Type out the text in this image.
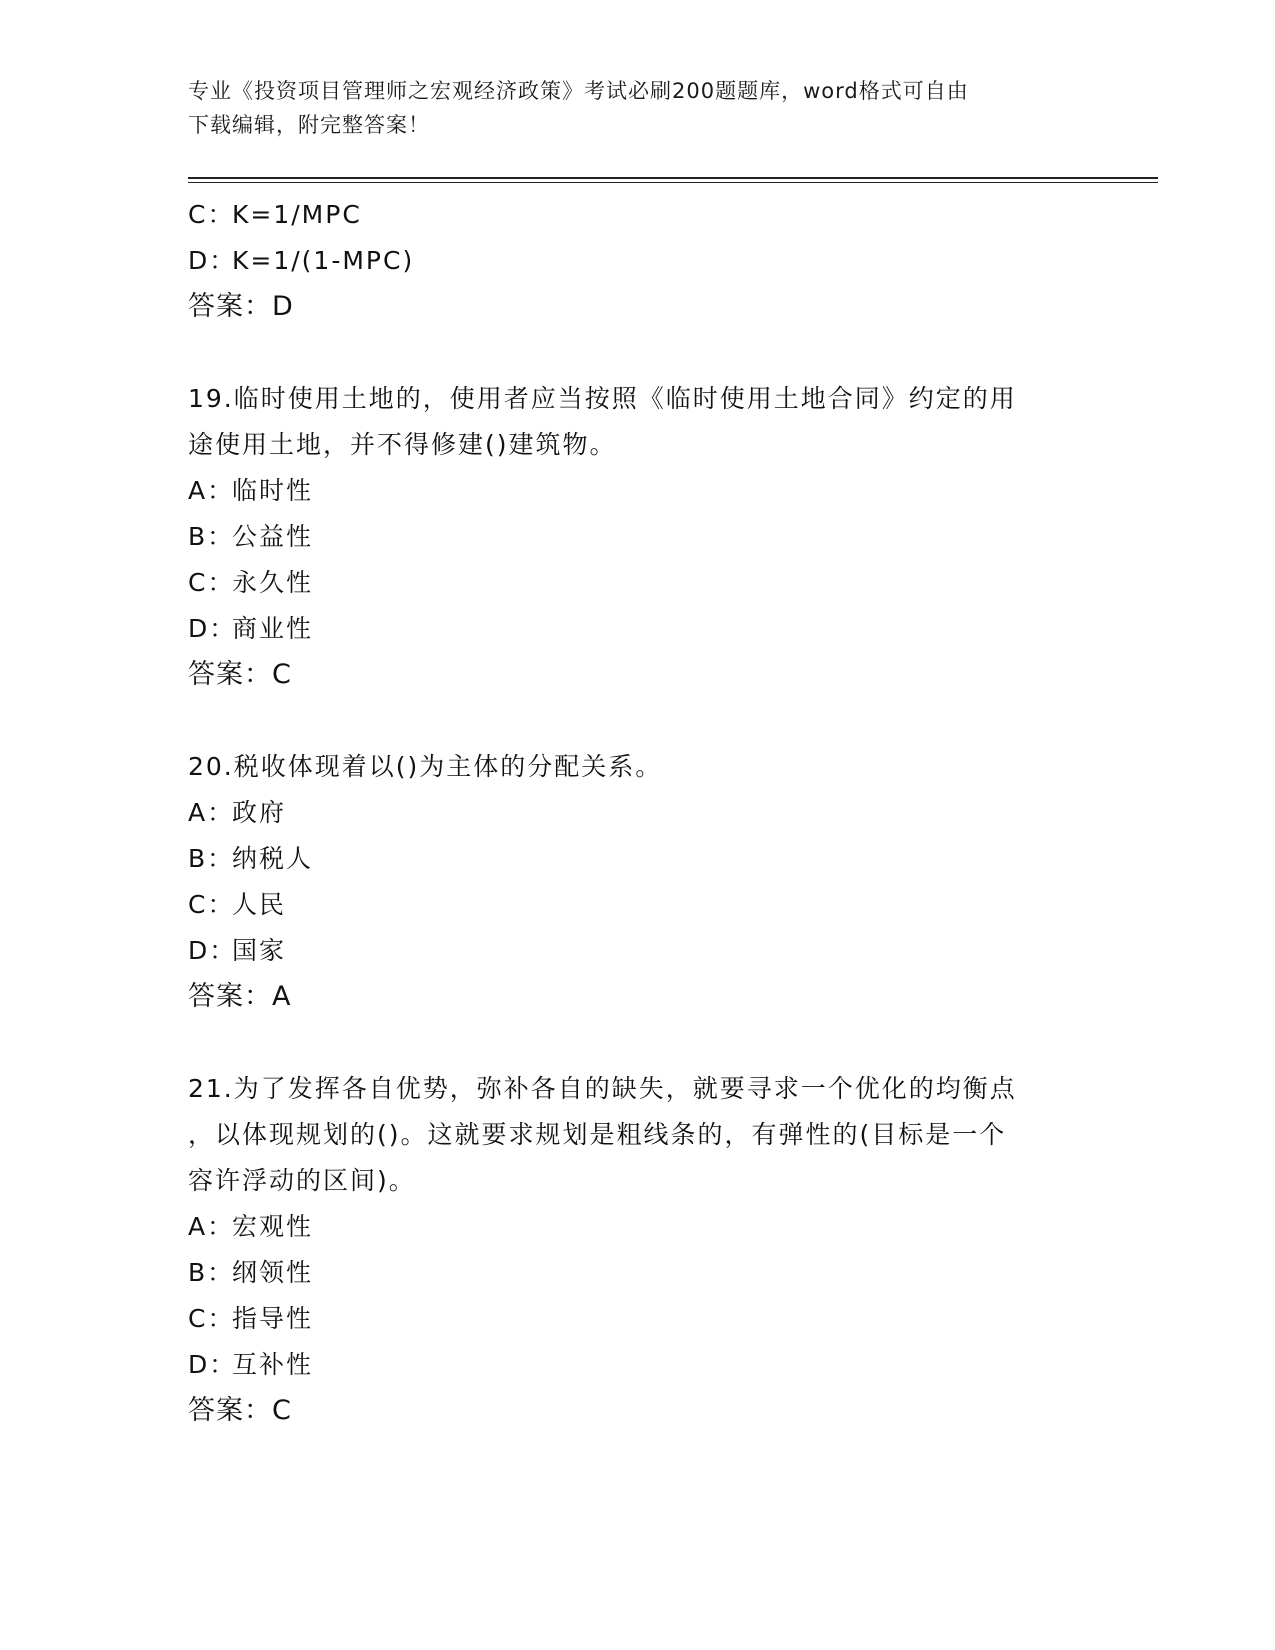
专业《投资项目管理师之宏观经济政策》考试必刷200题题库，word格式可自由
下载编辑，附完整答案！
C：K=1/MPC
D：K=1/(1-MPC)
答案：D
19.临时使用土地的，使用者应当按照《临时使用土地合同》约定的用
途使用土地，并不得修建()建筑物。
A：临时性
B：公益性
C：永久性
D：商业性
答案：C
20.税收体现着以()为主体的分配关系。
A：政府
B：纳税人
C：人民
D：国家
答案：A
21.为了发挥各自优势，弥补各自的缺失，就要寻求一个优化的均衡点
，以体现规划的()。这就要求规划是粗线条的，有弹性的(目标是一个
容许浮动的区间)。
A：宏观性
B：纲领性
C：指导性
D：互补性
答案：C
